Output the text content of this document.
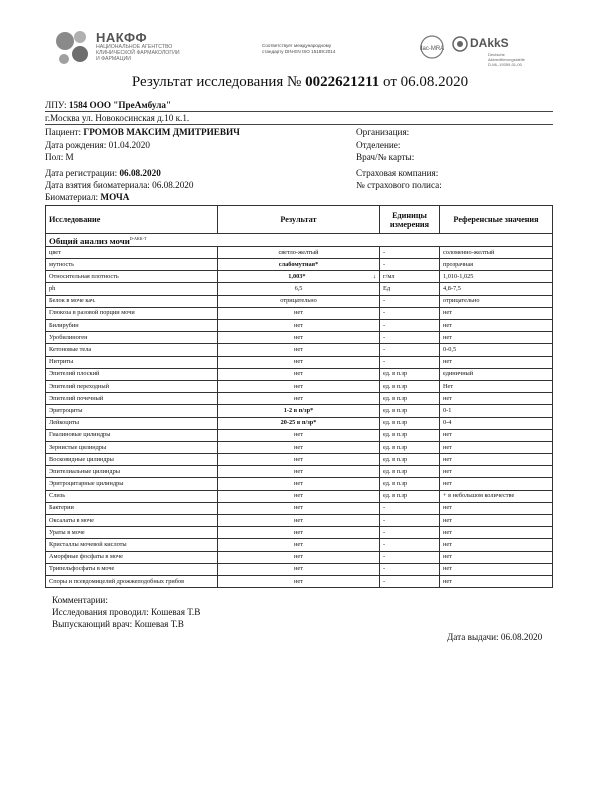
НАКФФ
НАЦИОНАЛЬНОЕ АГЕНТСТВО
КЛИНИЧЕСКОЙ ФАРМАКОЛОГИИ
И ФАРМАЦИИ
Соответствует международному
стандарту DIN-EN ISO 15189:2014	ilac-MRA DAkkS
Deutsche
Akkreditierungsstelle
D-ML-19359-01-00
Результат исследования № 0022621211 от 06.08.2020
ЛПУ: 1584 ООО "ПреАмбула"
г.Москва ул. Новокосинская д.10 к.1.
Пациент: ГРОМОВ МАКСИМ ДМИТРИЕВИЧ
Дата рождения: 01.04.2020
Пол: М
Дата регистрации: 06.08.2020
Дата взятия биоматериала: 06.08.2020
Биоматериал: МОЧА
Организация:
Отделение:
Врач/№ карты:
Страховая компания:
№ страхового полиса:
Исследование	Результат	Единицы измерения	Референсные значения
Общий анализ мочи$^{D-AKK-T}$
цвет	светло-желтый	-	соломенно-желтый
мутность	слабомутная*	-	прозрачная
Относительная плотность	1,003* ↓	г/мл	1,010-1,025
ph	6,5	Ед	4,8-7,5
Белок в моче кач.	отрицательно	-	отрицательно
Глюкоза в разовой порции мочи	нет	-	нет
Билирубин	нет	-	нет
Уробилиноген	нет	-	нет
Кетоновые тела	нет	-	0-0,5
Нитриты	нет	-	нет
Эпителий плоский	нет	ед. в п.зр	единичный
Эпителий переходный	нет	ед. в п.зр	Нет
Эпителий почечный	нет	ед. в п.зр	нет
Эритроциты	1-2 в п/зр*	ед. в п.зр	0-1
Лейкоциты	20-25 в п/зр*	ед. в п.зр	0-4
Гиалиновые цилиндры	нет	ед. в п.зр	нет
Зернистые цилиндры	нет	ед. в п.зр	нет
Восковидные цилиндры	нет	ед. в п.зр	нет
Эпителиальные цилиндры	нет	ед. в п.зр	нет
Эритроцитарные цилиндры	нет	ед. в п.зр	нет
Слизь	нет	ед. в п.зр	+ в небольшом количестве
Бактерии	нет	-	нет
Оксалаты в моче	нет	-	нет
Ураты в моче	нет	-	нет
Кристаллы мочевой кислоты	нет	-	нет
Аморфные фосфаты в моче	нет	-	нет
Трипельфосфаты в моче	нет	-	нет
Споры и псевдомицелий дрожжеподобных грибов	нет	-	нет
Комментарии:
Исследования проводил: Кошевая Т.В
Выпускающий врач: Кошевая Т.В
Дата выдачи: 06.08.2020
